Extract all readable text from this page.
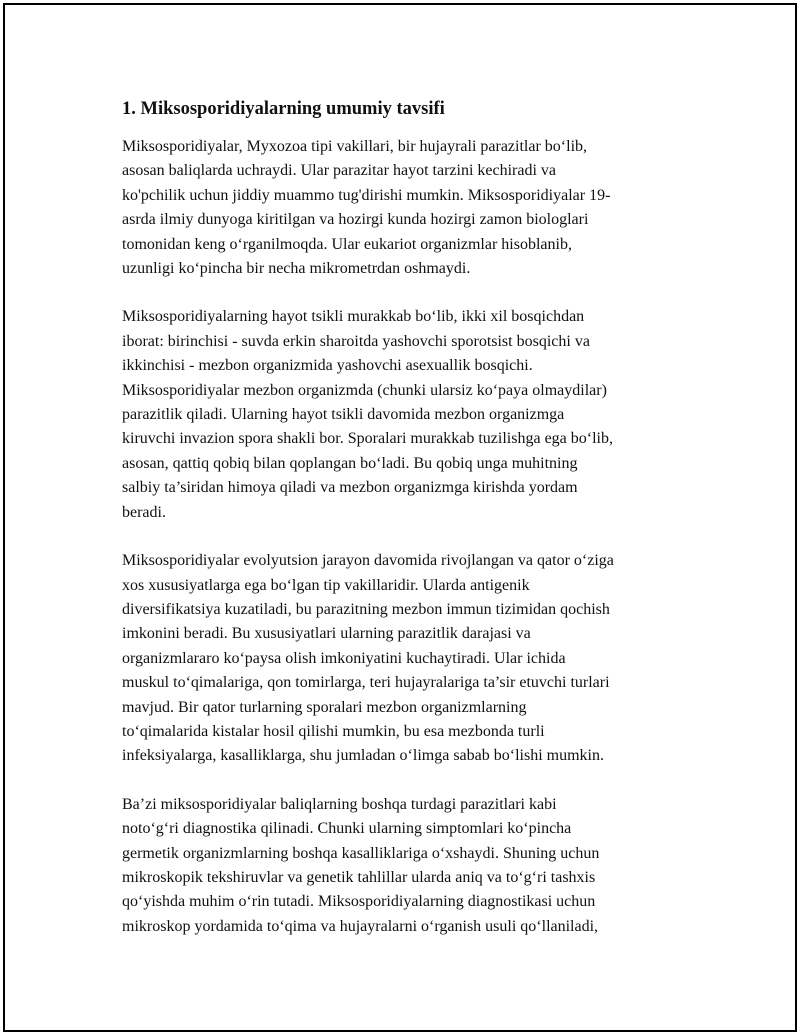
1. Miksosporidiyalarning umumiy tavsifi
Miksosporidiyalar, Myxozoa tipi vakillari, bir hujayrali parazitlar bo‘lib,
asosan baliqlarda uchraydi. Ular parazitar hayot tarzini kechiradi va
ko'pchilik uchun jiddiy muammo tug'dirishi mumkin. Miksosporidiyalar 19-
asrda ilmiy dunyoga kiritilgan va hozirgi kunda hozirgi zamon biologlari
tomonidan keng o‘rganilmoqda. Ular eukariot organizmlar hisoblanib,
uzunligi ko‘pincha bir necha mikrometrdan oshmaydi.
Miksosporidiyalarning hayot tsikli murakkab bo‘lib, ikki xil bosqichdan
iborat: birinchisi - suvda erkin sharoitda yashovchi sporotsist bosqichi va
ikkinchisi - mezbon organizmida yashovchi asexuallik bosqichi.
Miksosporidiyalar mezbon organizmda (chunki ularsiz ko‘paya olmaydilar)
parazitlik qiladi. Ularning hayot tsikli davomida mezbon organizmga
kiruvchi invazion spora shakli bor. Sporalari murakkab tuzilishga ega bo‘lib,
asosan, qattiq qobiq bilan qoplangan bo‘ladi. Bu qobiq unga muhitning
salbiy ta’siridan himoya qiladi va mezbon organizmga kirishda yordam
beradi.
Miksosporidiyalar evolyutsion jarayon davomida rivojlangan va qator o‘ziga
xos xususiyatlarga ega bo‘lgan tip vakillaridir. Ularda antigenik
diversifikatsiya kuzatiladi, bu parazitning mezbon immun tizimidan qochish
imkonini beradi. Bu xususiyatlari ularning parazitlik darajasi va
organizmlararo ko‘paysa olish imkoniyatini kuchaytiradi. Ular ichida
muskul to‘qimalariga, qon tomirlarga, teri hujayralariga ta’sir etuvchi turlari
mavjud. Bir qator turlarning sporalari mezbon organizmlarning
to‘qimalarida kistalar hosil qilishi mumkin, bu esa mezbonda turli
infeksiyalarga, kasalliklarga, shu jumladan o‘limga sabab bo‘lishi mumkin.
Ba’zi miksosporidiyalar baliqlarning boshqa turdagi parazitlari kabi
noto‘g‘ri diagnostika qilinadi. Chunki ularning simptomlari ko‘pincha
germetik organizmlarning boshqa kasalliklariga o‘xshaydi. Shuning uchun
mikroskopik tekshiruvlar va genetik tahlillar ularda aniq va to‘g‘ri tashxis
qo‘yishda muhim o‘rin tutadi. Miksosporidiyalarning diagnostikasi uchun
mikroskop yordamida to‘qima va hujayralarni o‘rganish usuli qo‘llaniladi,
